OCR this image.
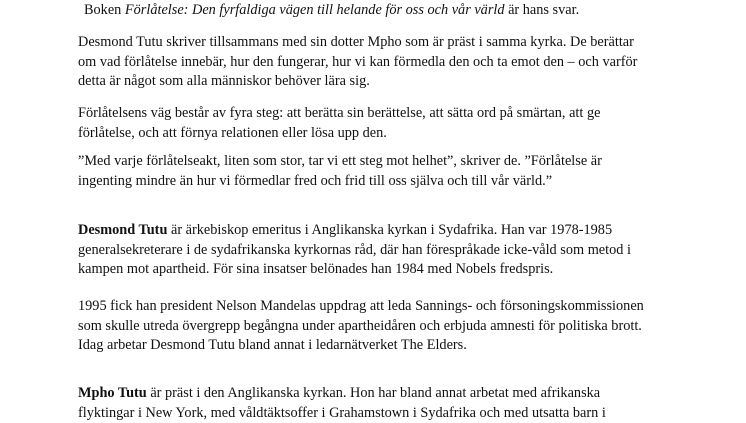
Boken Förlåtelse: Den fyrfaldiga vägen till helande för oss och vår värld är hans svar.

Desmond Tutu skriver tillsammans med sin dotter Mpho som är präst i samma kyrka. De berättar
om vad förlåtelse innebär, hur den fungerar, hur vi kan förmedla den och ta emot den – och varför
detta är något som alla människor behöver lära sig.

Förlåtelsens väg består av fyra steg: att berätta sin berättelse, att sätta ord på smärtan, att ge
förlåtelse, och att förnya relationen eller lösa upp den.

”Med varje förlåtelseakt, liten som stor, tar vi ett steg mot helhet”, skriver de. ”Förlåtelse är
ingenting mindre än hur vi förmedlar fred och frid till oss själva och till vår värld.”

Desmond Tutu är ärkebiskop emeritus i Anglikanska kyrkan i Sydafrika. Han var 1978-1985
generalsekreterare i de sydafrikanska kyrkornas råd, där han förespråkade icke-våld som metod i
kampen mot apartheid. För sina insatser belönades han 1984 med Nobels fredspris.

1995 fick han president Nelson Mandelas uppdrag att leda Sannings- och försoningskommissionen
som skulle utreda övergrepp begångna under apartheidåren och erbjuda amnesti för politiska brott.
Idag arbetar Desmond Tutu bland annat i ledarnätverket The Elders.

Mpho Tutu är präst i den Anglikanska kyrkan. Hon har bland annat arbetat med afrikanska
flyktingar i New York, med våldtäktsoffer i Grahamstown i Sydafrika och med utsatta barn i
